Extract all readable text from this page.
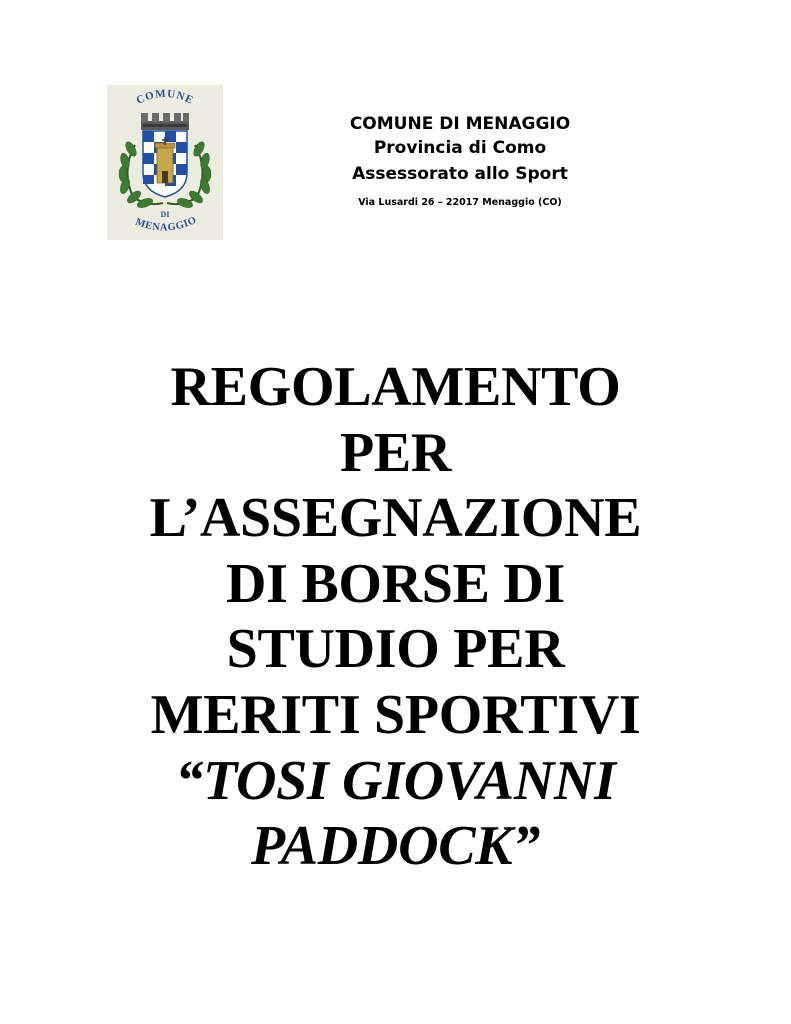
COMUNE
DI
MENAGGIO
COMUNE DI MENAGGIO
Provincia di Como
Assessorato allo Sport
Via Lusardi 26 – 22017 Menaggio (CO)
REGOLAMENTO
PER
L’ASSEGNAZIONE
DI BORSE DI
STUDIO PER
MERITI SPORTIVI
“TOSI GIOVANNI
PADDOCK”
